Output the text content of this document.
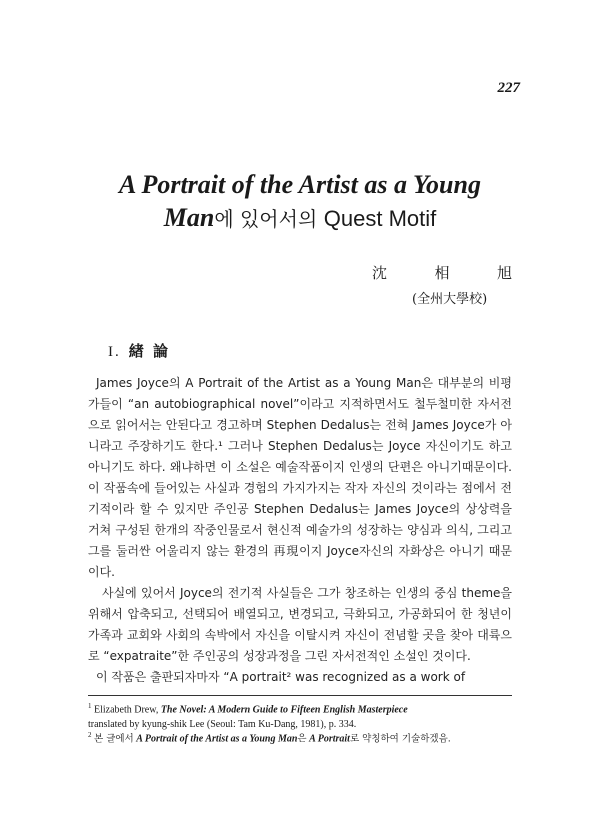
227
A Portrait of the Artist as a Young
Man에 있어서의 Quest Motif
沈	相	旭
(全州大學校)
I. 緖 論

James Joyce의 A Portrait of the Artist as a Young Man은 대부분의 비평가들이 “an autobiographical novel”이라고 지적하면서도 철두철미한 자서전으로 읽어서는 안된다고 경고하며 Stephen Dedalus는 전혀 James Joyce가 아니라고 주장하기도 한다.¹ 그러나 Stephen Dedalus는 Joyce 자신이기도 하고 아니기도 하다. 왜냐하면 이 소설은 예술작품이지 인생의 단편은 아니기때문이다. 이 작품속에 들어있는 사실과 경험의 가지가지는 작자 자신의 것이라는 점에서 전기적이라 할 수 있지만 주인공 Stephen Dedalus는 James Joyce의 상상력을 거쳐 구성된 한개의 작중인물로서 현신적 예술가의 성장하는 양심과 의식, 그리고 그를 둘러싼 어울리지 않는 환경의 再現이지 Joyce자신의 자화상은 아니기 때문이다.

사실에 있어서 Joyce의 전기적 사실들은 그가 창조하는 인생의 중심 theme을 위해서 압축되고, 선택되어 배열되고, 변경되고, 극화되고, 가공화되어 한 청년이 가족과 교회와 사회의 속박에서 자신을 이탈시켜 자신이 전념할 곳을 찾아 대륙으로 “expatraite”한 주인공의 성장과정을 그린 자서전적인 소설인 것이다.

이 작품은 출판되자마자 “A portrait² was recognized as a work of

$^1$ Elizabeth Drew, The Novel: A Modern Guide to Fifteen English Masterpiece
translated by kyung-shik Lee (Seoul: Tam Ku-Dang, 1981), p. 334.
$^2$ 본 글에서 A Portrait of the Artist as a Young Man은 A Portrait로 약칭하여 기술하겠음.
